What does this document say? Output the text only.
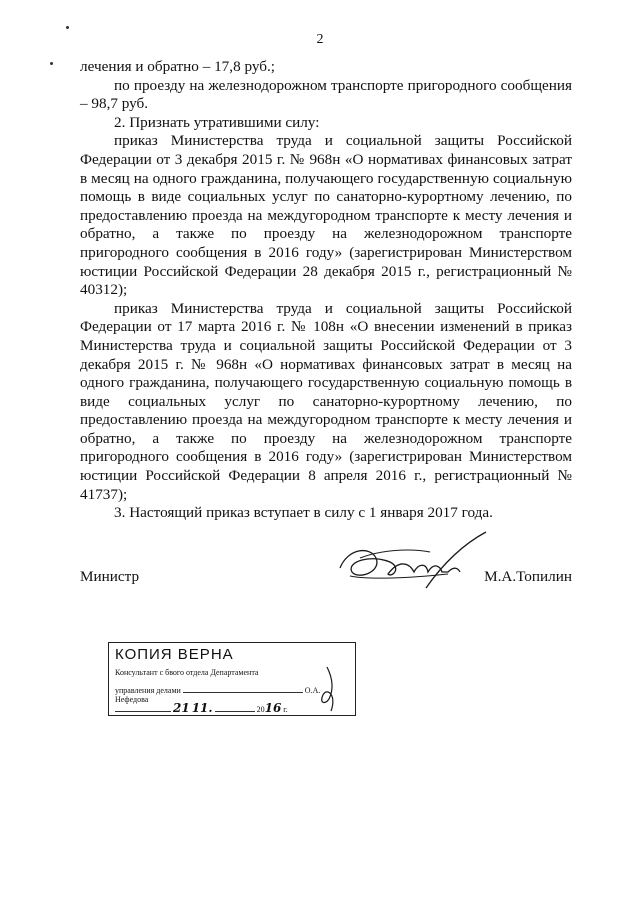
2

лечения и обратно – 17,8 руб.;

по проезду на железнодорожном транспорте пригородного сообщения – 98,7 руб.

2. Признать утратившими силу:

приказ Министерства труда и социальной защиты Российской Федерации от 3 декабря 2015 г. № 968н «О нормативах финансовых затрат в месяц на одного гражданина, получающего государственную социальную помощь в виде социальных услуг по санаторно-курортному лечению, по предоставлению проезда на междугородном транспорте к месту лечения и обратно, а также по проезду на железнодорожном транспорте пригородного сообщения в 2016 году» (зарегистрирован Министерством юстиции Российской Федерации 28 декабря 2015 г., регистрационный № 40312);

приказ Министерства труда и социальной защиты Российской Федерации от 17 марта 2016 г. № 108н «О внесении изменений в приказ Министерства труда и социальной защиты Российской Федерации от 3 декабря 2015 г. № 968н «О нормативах финансовых затрат в месяц на одного гражданина, получающего государственную социальную помощь в виде социальных услуг по санаторно-курортному лечению, по предоставлению проезда на междугородном транспорте к месту лечения и обратно, а также по проезду на железнодорожном транспорте пригородного сообщения в 2016 году» (зарегистрирован Министерством юстиции Российской Федерации 8 апреля 2016 г., регистрационный № 41737);

3. Настоящий приказ вступает в силу с 1 января 2017 года.

Министр	М.А.Топилин
КОПИЯ ВЕРНА
Консультант с бвого отдела Департамента
управления делами	О.А. Нефедова
21 11.	2016 г.
